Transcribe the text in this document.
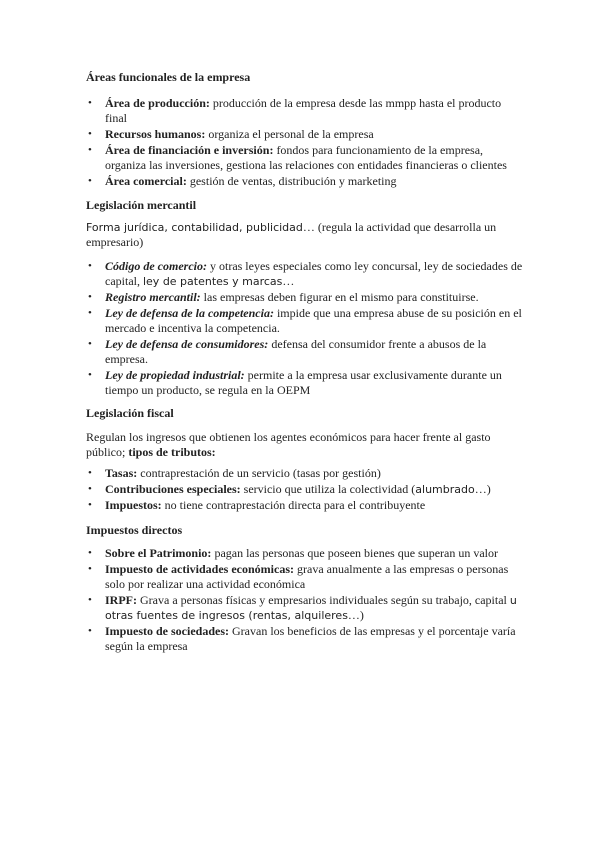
Áreas funcionales de la empresa
• Área de producción: producción de la empresa desde las mmpp hasta el producto final
• Recursos humanos: organiza el personal de la empresa
• Área de financiación e inversión: fondos para funcionamiento de la empresa, organiza las inversiones, gestiona las relaciones con entidades financieras o clientes
• Área comercial: gestión de ventas, distribución y marketing
Legislación mercantil

Forma jurídica, contabilidad, publicidad… (regula la actividad que desarrolla un empresario)

• Código de comercio: y otras leyes especiales como ley concursal, ley de sociedades de capital, ley de patentes y marcas…
• Registro mercantil: las empresas deben figurar en el mismo para constituirse.
• Ley de defensa de la competencia: impide que una empresa abuse de su posición en el mercado e incentiva la competencia.
• Ley de defensa de consumidores: defensa del consumidor frente a abusos de la empresa.
• Ley de propiedad industrial: permite a la empresa usar exclusivamente durante un tiempo un producto, se regula en la OEPM
Legislación fiscal

Regulan los ingresos que obtienen los agentes económicos para hacer frente al gasto público; tipos de tributos:

• Tasas: contraprestación de un servicio (tasas por gestión)
• Contribuciones especiales: servicio que utiliza la colectividad (alumbrado…)
• Impuestos: no tiene contraprestación directa para el contribuyente
Impuestos directos
• Sobre el Patrimonio: pagan las personas que poseen bienes que superan un valor
• Impuesto de actividades económicas: grava anualmente a las empresas o personas solo por realizar una actividad económica
• IRPF: Grava a personas físicas y empresarios individuales según su trabajo, capital u otras fuentes de ingresos (rentas, alquileres…)
• Impuesto de sociedades: Gravan los beneficios de las empresas y el porcentaje varía según la empresa
